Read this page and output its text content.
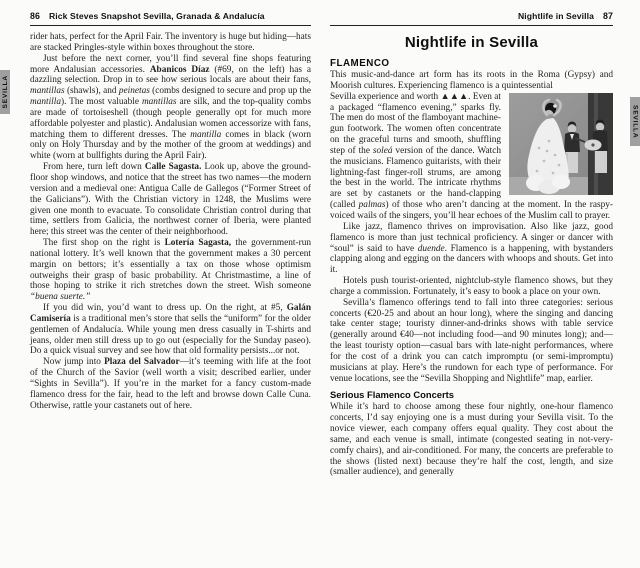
SEVILLA
SEVILLA
86 Rick Steves Snapshot Sevilla, Granada & Andalucía

rider hats, perfect for the April Fair. The inventory is huge but hiding—hats are stacked Pringles-style within boxes throughout the store.

Just before the next corner, you’ll find several fine shops featuring more Andalusian accessories. Abanicos Díaz (#69, on the left) has a dazzling selection. Drop in to see how serious locals are about their fans, mantillas (shawls), and peinetas (combs designed to secure and prop up the mantilla). The most valuable mantillas are silk, and the top-quality combs are made of tortoiseshell (though people generally opt for much more affordable polyester and plastic). Andalusian women accessorize with fans, matching them to different dresses. The mantilla comes in black (worn only on Holy Thursday and by the mother of the groom at weddings) and white (worn at bullfights during the April Fair).

From here, turn left down Calle Sagasta. Look up, above the ground-floor shop windows, and notice that the street has two names—the modern version and a medieval one: Antigua Calle de Gallegos (“Former Street of the Galicians”). With the Christian victory in 1248, the Muslims were given one month to evacuate. To consolidate Christian control during that time, settlers from Galicia, the northwest corner of Iberia, were planted here; this street was the center of their neighborhood.

The first shop on the right is Lotería Sagasta, the government-run national lottery. It’s well known that the government makes a 30 percent margin on bettors; it’s essentially a tax on those whose optimism outweighs their grasp of basic probability. At Christmastime, a line of those hoping to strike it rich stretches down the street. Wish someone “buena suerte.”

If you did win, you’d want to dress up. On the right, at #5, Galán Camisería is a traditional men’s store that sells the “uniform” for the older gentlemen of Andalucía. While young men dress casually in T-shirts and jeans, older men still dress up to go out (especially for the Sunday paseo). Do a quick visual survey and see how that old formality persists...or not.

Now jump into Plaza del Salvador—it’s teeming with life at the foot of the Church of the Savior (well worth a visit; described earlier, under “Sights in Sevilla”). If you’re in the market for a fancy custom-made flamenco dress for the fair, head to the left and browse down Calle Cuna. Otherwise, rattle your castanets out of here.

Nightlife in Sevilla 87
Nightlife in Sevilla
FLAMENCO

This music-and-dance art form has its roots in the Roma (Gypsy) and Moorish cultures. Experiencing flamenco is a quintessential

Sevilla experience and worth ▲▲▲. Even at a packaged “flamenco evening,” sparks fly. The men do most of the flamboyant machine-gun footwork. The women often concentrate on the graceful turns and smooth, shuffling step of the soleá version of the dance. Watch the musicians. Flamenco guitarists, with their lightning-fast finger-roll strums, are among the best in the world. The intricate rhythms are set by castanets or the hand-clapping (called palmas) of those who aren’t dancing at the moment. In the raspy-voiced wails of the singers, you’ll hear echoes of the Muslim call to prayer.

Like jazz, flamenco thrives on improvisation. Also like jazz, good flamenco is more than just technical proficiency. A singer or dancer with “soul” is said to have duende. Flamenco is a happening, with bystanders clapping along and egging on the dancers with whoops and shouts. Get into it.

Hotels push tourist-oriented, nightclub-style flamenco shows, but they charge a commission. Fortunately, it’s easy to book a place on your own.

Sevilla’s flamenco offerings tend to fall into three categories: serious concerts (€20-25 and about an hour long), where the singing and dancing take center stage; touristy dinner-and-drinks shows with table service (generally around €40—not including food—and 90 minutes long); and—the least touristy option—casual bars with late-night performances, where for the cost of a drink you can catch impromptu (or semi-impromptu) musicians at play. Here’s the rundown for each type of performance. For venue locations, see the “Sevilla Shopping and Nightlife” map, earlier.

Serious Flamenco Concerts

While it’s hard to choose among these four nightly, one-hour flamenco concerts, I’d say enjoying one is a must during your Sevilla visit. To the novice viewer, each company offers equal quality. They cost about the same, and each venue is small, intimate (congested seating in not-very-comfy chairs), and air-conditioned. For many, the concerts are preferable to the shows (listed next) because they’re half the cost, length, and size (smaller audience), and generally
